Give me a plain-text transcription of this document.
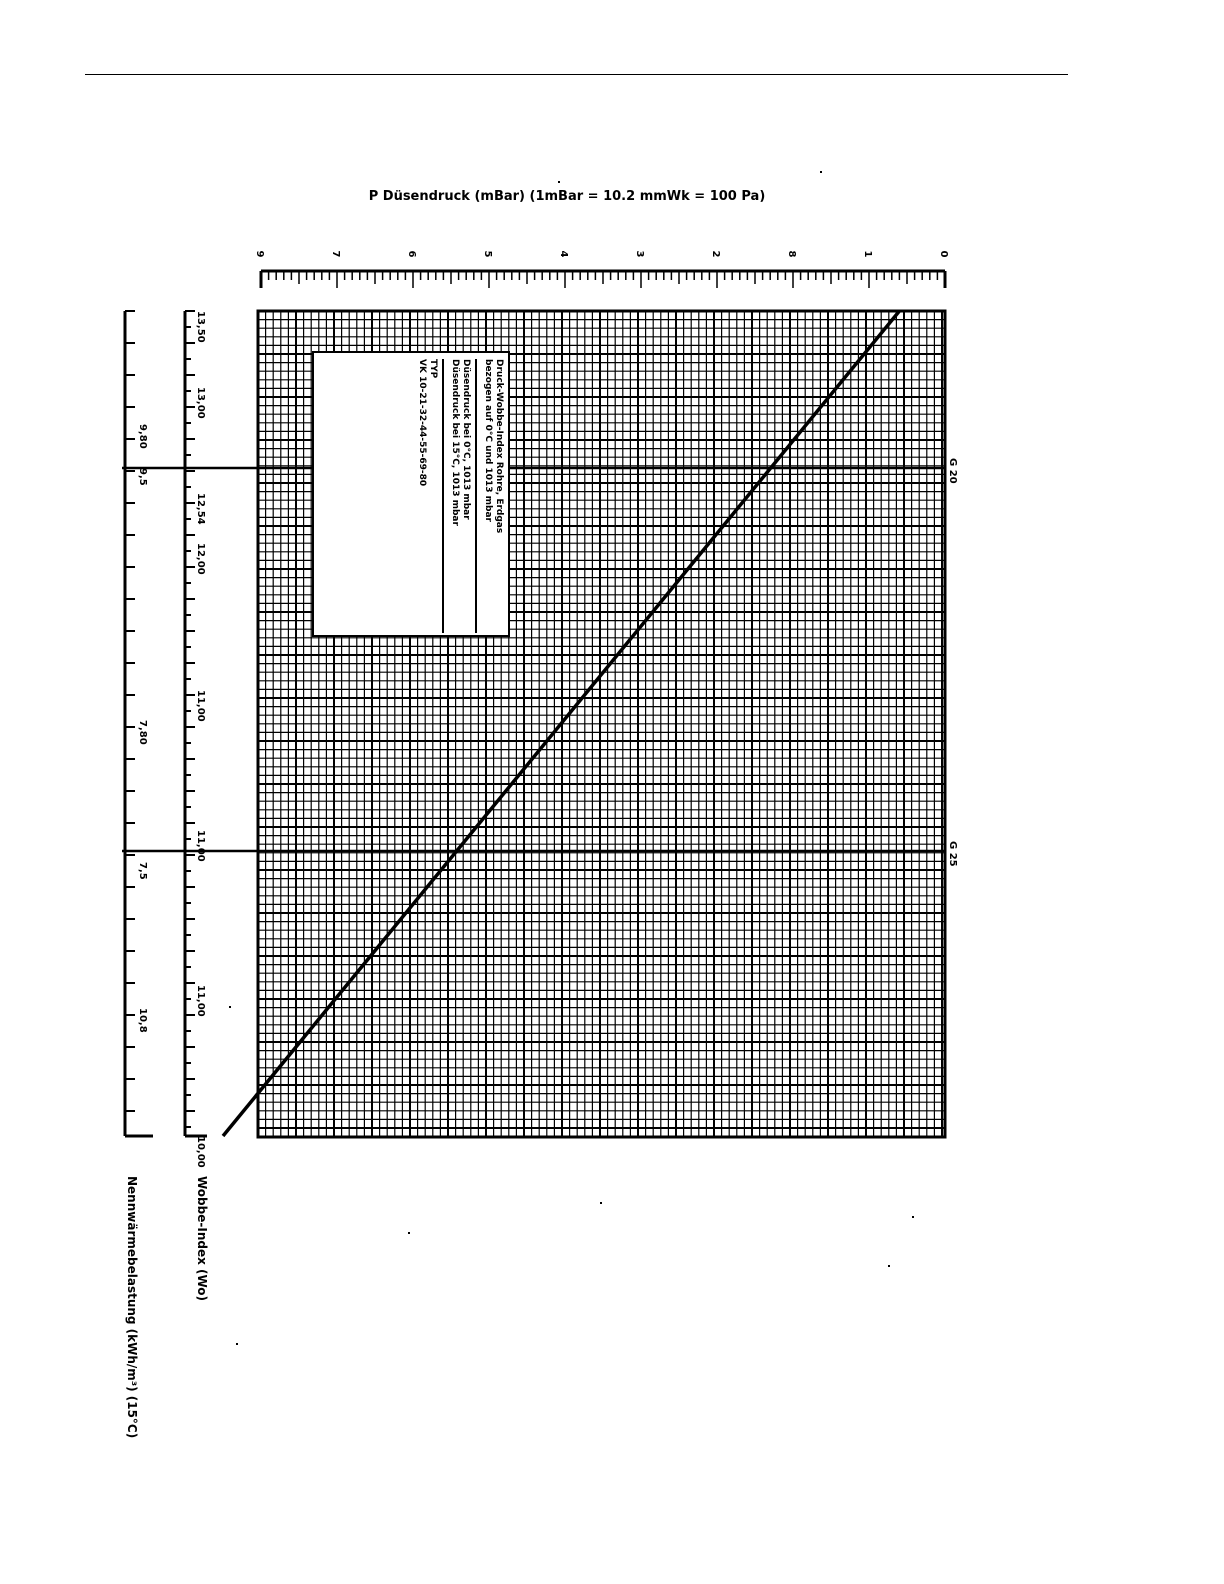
P Düsendruck (mBar) (1mBar = 10.2 mmWk = 100 Pa)
9	7	6	5	4	3	2	8	1	0
13,50
13,00
12,54
12,00
11,00
11,00
11,00
10,00
9,80
9,5
7,80
7,5
10,8
G 25
G 20
Druck-Wobbe-Index Rohre, Erdgas
bezogen auf 0°C und 1013 mbar
Düsendruck bei 0°C, 1013 mbar
Düsendruck bei 15°C, 1013 mbar
TYP
VK 10-21-32-44-55-69-80
Nennwärmebelastung (kWh/m³) (15°C)	Wobbe-Index (Wo)
